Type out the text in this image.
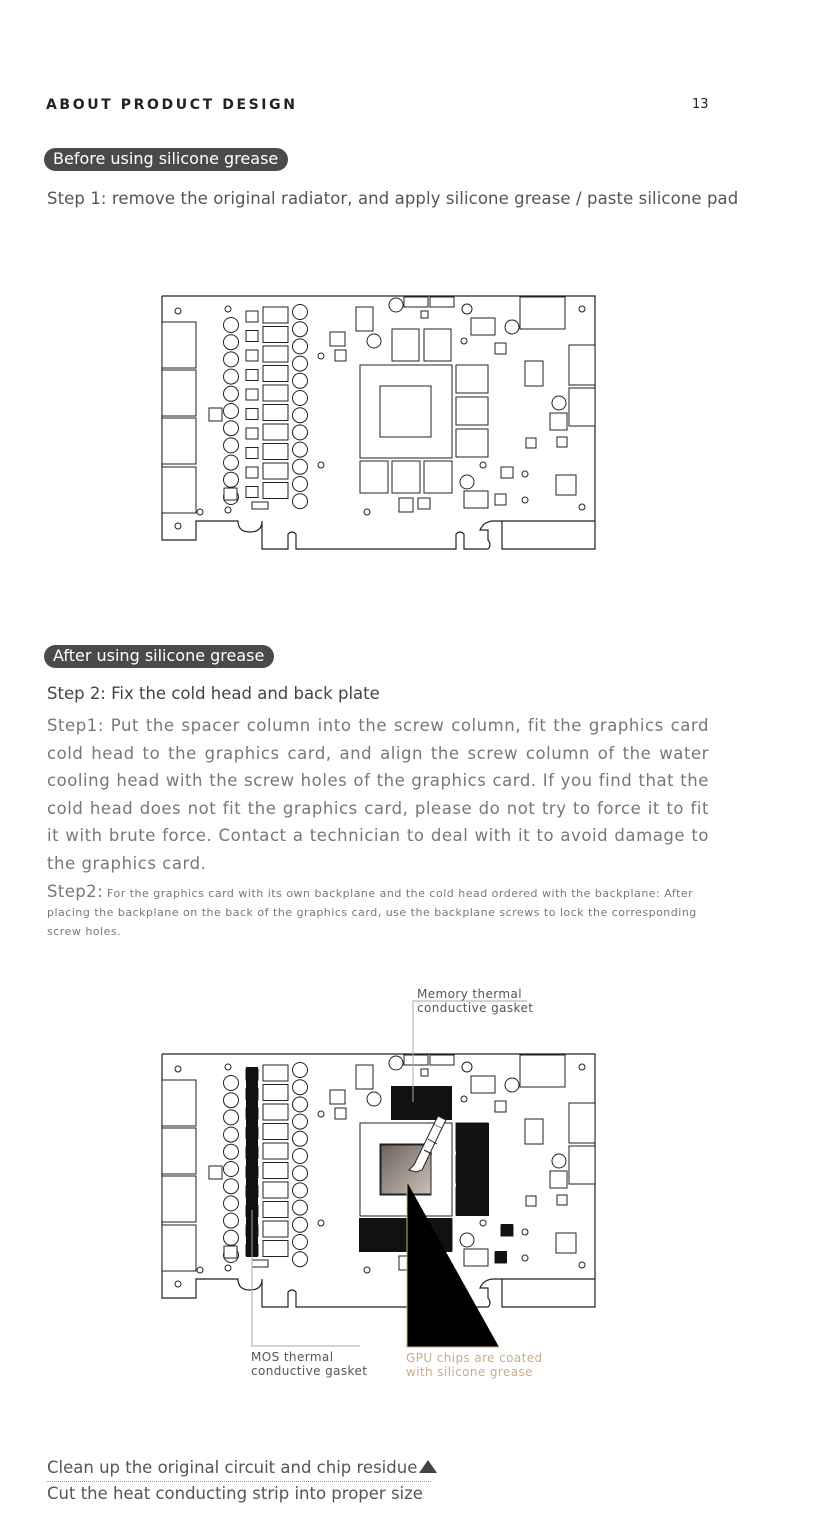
ABOUT PRODUCT DESIGN	13
Before using silicone grease
Step 1: remove the original radiator, and apply silicone grease / paste silicone pad
After using silicone grease
Step 2: Fix the cold head and back plate
Step1: Put the spacer column into the screw column, fit the graphics card cold head to the graphics card, and align the screw column of the water cooling head with the screw holes of the graphics card. If you find that the cold head does not fit the graphics card, please do not try to force it to fit it with brute force. Contact a technician to deal with it to avoid damage to the graphics card.
Step2: For the graphics card with its own backplane and the cold head ordered with the backplane: After placing the backplane on the back of the graphics card, use the backplane screws to lock the corresponding screw holes.
Memory thermal
conductive gasket
MOS thermal
conductive gasket
GPU chips are coated
with silicone grease
Clean up the original circuit and chip residue
Cut the heat conducting strip into proper size
